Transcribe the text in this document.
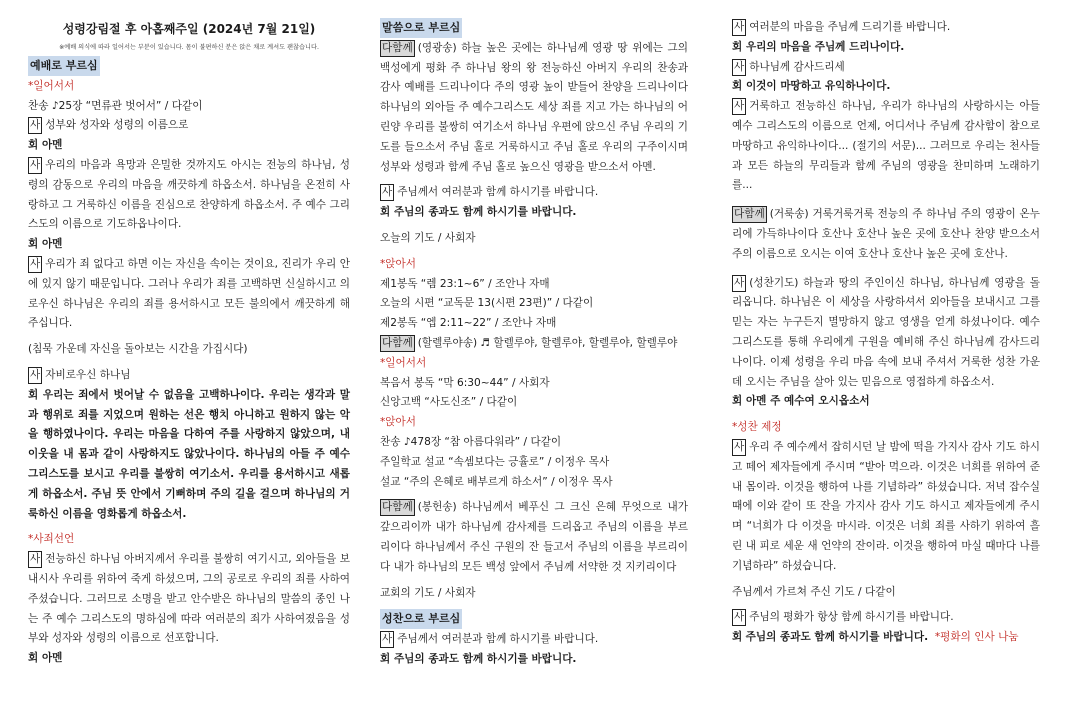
성령강림절 후 아홉째주일 (2024년 7월 21일)
※예배 의식에 따라 일어서는 부분이 있습니다. 몸이 불편하신 분은 앉은 채로 계셔도 괜찮습니다.
예배로 부르심
*일어서서
찬송 ♪25장 “면류관 벗어서” / 다같이
사 성부와 성자와 성령의 이름으로
회 아멘
사 우리의 마음과 욕망과 은밀한 것까지도 아시는 전능의 하나님, 성령의 감동으로 우리의 마음을 깨끗하게 하옵소서. 하나님을 온전히 사랑하고 그 거룩하신 이름을 진심으로 찬양하게 하옵소서. 주 예수 그리스도의 이름으로 기도하옵나이다.
회 아멘
사 우리가 죄 없다고 하면 이는 자신을 속이는 것이요, 진리가 우리 안에 있지 않기 때문입니다. 그러나 우리가 죄를 고백하면 신실하시고 의로우신 하나님은 우리의 죄를 용서하시고 모든 불의에서 깨끗하게 해 주십니다.
(침묵 가운데 자신을 돌아보는 시간을 가집시다)
사 자비로우신 하나님
회 우리는 죄에서 벗어날 수 없음을 고백하나이다. 우리는 생각과 말과 행위로 죄를 지었으며 원하는 선은 행치 아니하고 원하지 않는 악을 행하였나이다. 우리는 마음을 다하여 주를 사랑하지 않았으며, 내 이웃을 내 몸과 같이 사랑하지도 않았나이다. 하나님의 아들 주 예수 그리스도를 보시고 우리를 불쌍히 여기소서. 우리를 용서하시고 새롭게 하옵소서. 주님 뜻 안에서 기뻐하며 주의 길을 걸으며 하나님의 거룩하신 이름을 영화롭게 하옵소서.
*사죄선언
사 전능하신 하나님 아버지께서 우리를 불쌍히 여기시고, 외아들을 보내시사 우리를 위하여 죽게 하셨으며, 그의 공로로 우리의 죄를 사하여 주셨습니다. 그러므로 소명을 받고 안수받은 하나님의 말씀의 종인 나는 주 예수 그리스도의 명하심에 따라 여러분의 죄가 사하여졌음을 성부와 성자와 성령의 이름으로 선포합니다.
회 아멘
말씀으로 부르심
다함께 (영광송) 하늘 높은 곳에는 하나님께 영광 땅 위에는 그의 백성에게 평화 주 하나님 왕의 왕 전능하신 아버지 우리의 찬송과 감사 예배를 드리나이다 주의 영광 높이 받들어 찬양을 드리나이다 하나님의 외아들 주 예수그리스도 세상 죄를 지고 가는 하나님의 어린양 우리를 불쌍히 여기소서 하나님 우편에 앉으신 주님 우리의 기도를 들으소서 주님 홀로 거룩하시고 주님 홀로 우리의 구주이시며 성부와 성령과 함께 주님 홀로 높으신 영광을 받으소서 아멘.
사 주님께서 여러분과 함께 하시기를 바랍니다.
회 주님의 종과도 함께 하시기를 바랍니다.
오늘의 기도 / 사회자
*앉아서
제1봉독 “렘 23:1~6” / 조안나 자매
오늘의 시편 “교독문 13(시편 23편)” / 다같이
제2봉독 “엡 2:11~22” / 조안나 자매
다함께 (할렐루야송) ♬ 할렐루야, 할렐루야, 할렐루야, 할렐루야
*일어서서
복음서 봉독 “막 6:30~44” / 사회자
신앙고백 “사도신조” / 다같이
*앉아서
찬송 ♪478장 “참 아름다워라” / 다같이
주일학교 설교 “속셈보다는 긍휼로” / 이정우 목사
설교 “주의 은혜로 배부르게 하소서” / 이정우 목사
다함께 (봉헌송) 하나님께서 베푸신 그 크신 은혜 무엇으로 내가 갚으리이까 내가 하나님께 감사제를 드리옵고 주님의 이름을 부르리이다 하나님께서 주신 구원의 잔 들고서 주님의 이름을 부르리이다 내가 하나님의 모든 백성 앞에서 주님께 서약한 것 지키리이다
교회의 기도 / 사회자
성찬으로 부르심
사 주님께서 여러분과 함께 하시기를 바랍니다.
회 주님의 종과도 함께 하시기를 바랍니다.
사 여러분의 마음을 주님께 드리기를 바랍니다.
회 우리의 마음을 주님께 드리나이다.
사 하나님께 감사드리세
회 이것이 마땅하고 유익하나이다.
사 거룩하고 전능하신 하나님, 우리가 하나님의 사랑하시는 아들 예수 그리스도의 이름으로 언제, 어디서나 주님께 감사함이 참으로 마땅하고 유익하나이다... (절기의 서문)... 그러므로 우리는 천사들과 모든 하늘의 무리들과 함께 주님의 영광을 찬미하며 노래하기를...
다함께 (거룩송) 거룩거룩거룩 전능의 주 하나님 주의 영광이 온누리에 가득하나이다 호산나 호산나 높은 곳에 호산나 찬양 받으소서 주의 이름으로 오시는 이여 호산나 호산나 높은 곳에 호산나.
사 (성찬기도) 하늘과 땅의 주인이신 하나님, 하나님께 영광을 돌리옵니다. 하나님은 이 세상을 사랑하셔서 외아들을 보내시고 그를 믿는 자는 누구든지 멸망하지 않고 영생을 얻게 하셨나이다. 예수 그리스도를 통해 우리에게 구원을 예비해 주신 하나님께 감사드리나이다. 이제 성령을 우리 마음 속에 보내 주셔서 거룩한 성찬 가운데 오시는 주님을 살아 있는 믿음으로 영접하게 하옵소서.
회 아멘 주 예수여 오시옵소서
*성찬 제정
사 우리 주 예수께서 잡히시던 날 밤에 떡을 가지사 감사 기도 하시고 떼어 제자들에게 주시며 “받아 먹으라. 이것은 너희를 위하여 준 내 몸이라. 이것을 행하여 나를 기념하라” 하셨습니다. 저녁 잡수실 때에 이와 같이 또 잔을 가지사 감사 기도 하시고 제자들에게 주시며 “너희가 다 이것을 마시라. 이것은 너희 죄를 사하기 위하여 흘린 내 피로 세운 새 언약의 잔이라. 이것을 행하여 마실 때마다 나를 기념하라” 하셨습니다.
주님께서 가르쳐 주신 기도 / 다같이
사 주님의 평화가 항상 함께 하시기를 바랍니다.
회 주님의 종과도 함께 하시기를 바랍니다. *평화의 인사 나눔
